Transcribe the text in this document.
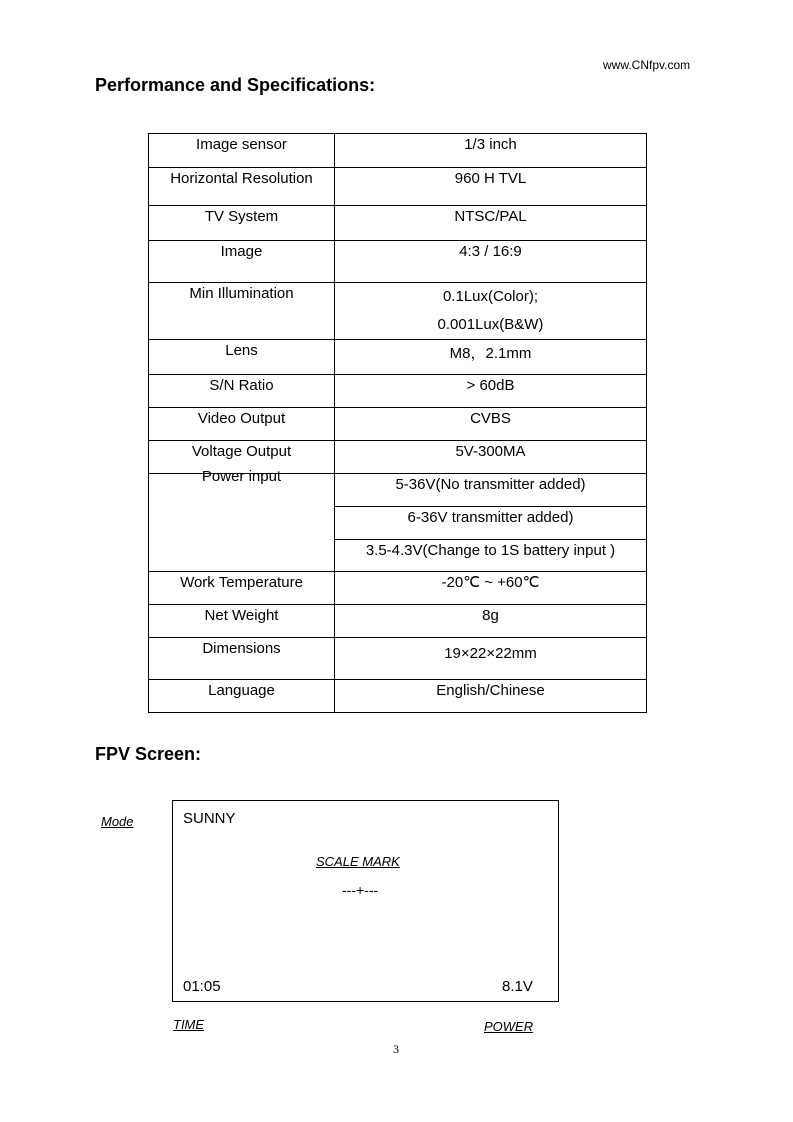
www.CNfpv.com
Performance and Specifications:
Image sensor	1/3 inch
Horizontal Resolution	960 H TVL
TV System	NTSC/PAL
Image	4:3 / 16:9
Min Illumination	0.1Lux(Color);
0.001Lux(B&W)

Lens	M8，2.1mm
S/N Ratio	> 60dB
Video Output	CVBS
Voltage Output	5V-300MA
Power input	5-36V(No transmitter added)
	6-36V transmitter added)
	3.5-4.3V(Change to 1S battery input )
Work Temperature	-20℃ ~ +60℃
Net Weight	8g
Dimensions	19×22×22mm
Language	English/Chinese
FPV Screen:
Mode	SUNNY
SCALE MARK
---+---
01:05	8.1V
TIME	POWER
3
